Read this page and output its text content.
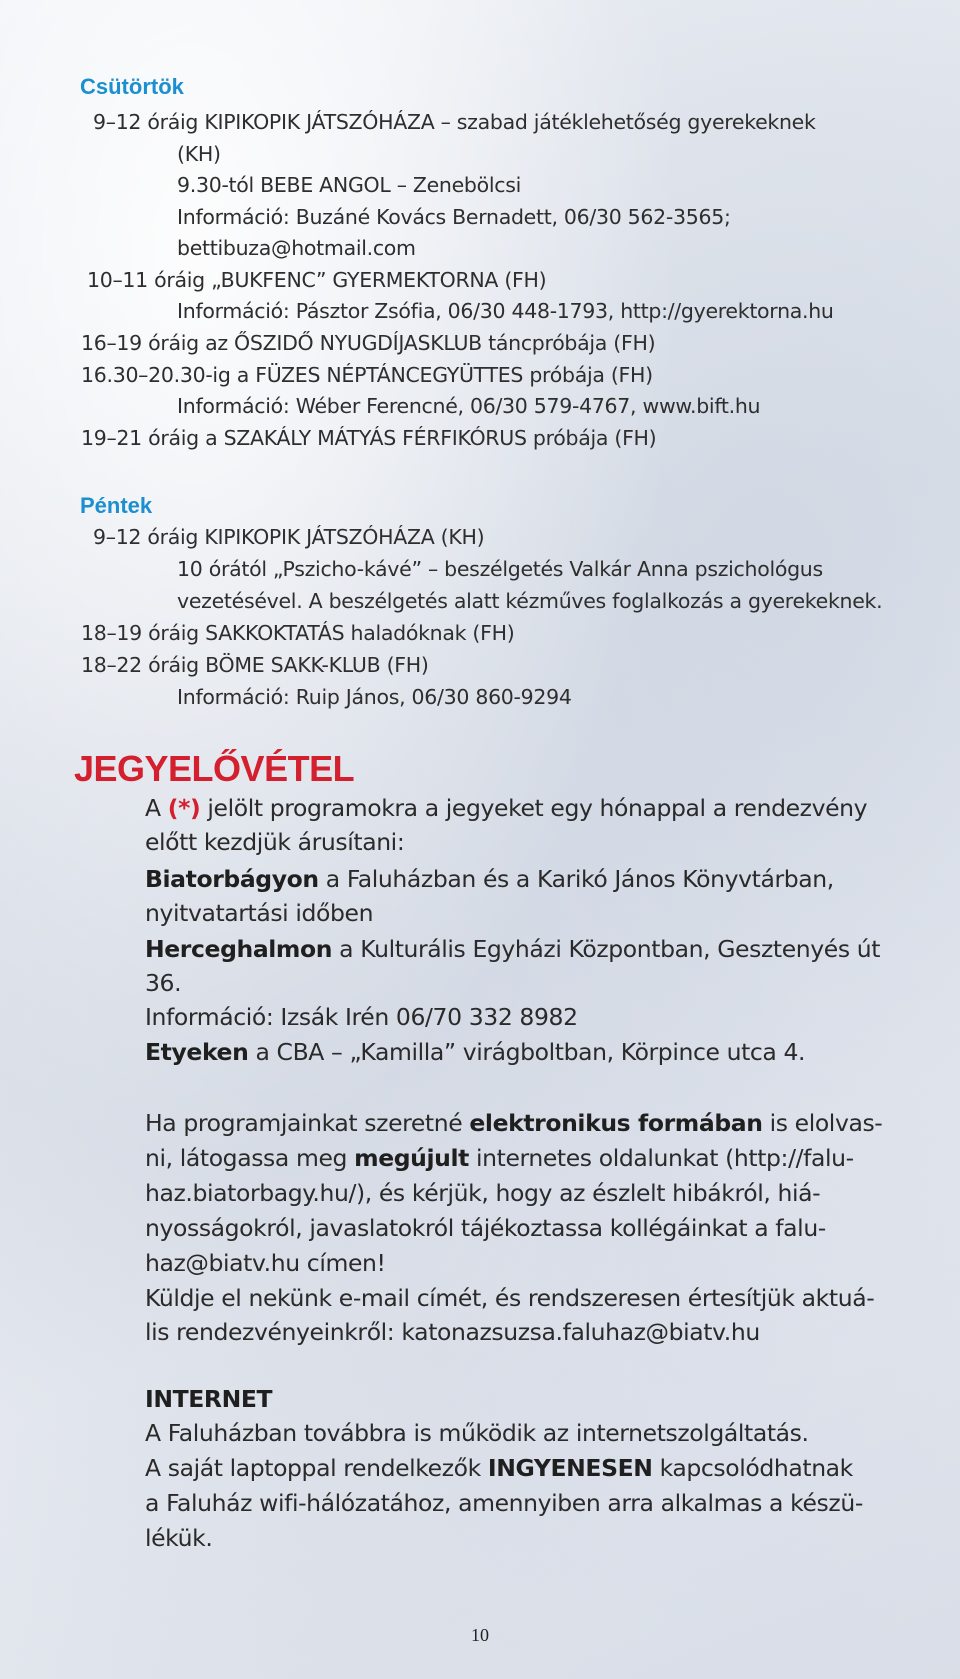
Csütörtök
9–12 óráig KIPIKOPIK JÁTSZÓHÁZA – szabad játéklehetőség gyerekeknek
(KH)
9.30-tól BEBE ANGOL – Zenebölcsi
Információ: Buzáné Kovács Bernadett, 06/30 562-3565;
bettibuza@hotmail.com
10–11 óráig „BUKFENC” GYERMEKTORNA (FH)
Információ: Pásztor Zsófia, 06/30 448-1793, http://gyerektorna.hu
16–19 óráig az ŐSZIDŐ NYUGDÍJASKLUB táncpróbája (FH)
16.30–20.30-ig a FÜZES NÉPTÁNCEGYÜTTES próbája (FH)
Információ: Wéber Ferencné, 06/30 579-4767, www.bift.hu
19–21 óráig a SZAKÁLY MÁTYÁS FÉRFIKÓRUS próbája (FH)
Péntek
9–12 óráig KIPIKOPIK JÁTSZÓHÁZA (KH)
10 órától „Pszicho-kávé” – beszélgetés Valkár Anna pszichológus
vezetésével. A beszélgetés alatt kézműves foglalkozás a gyerekeknek.
18–19 óráig SAKKOKTATÁS haladóknak (FH)
18–22 óráig BÖME SAKK-KLUB (FH)
Információ: Ruip János, 06/30 860-9294
JEGYELŐVÉTEL
A (*) jelölt programokra a jegyeket egy hónappal a rendezvény
előtt kezdjük árusítani:
Biatorbágyon a Faluházban és a Karikó János Könyvtárban,
nyitvatartási időben
Herceghalmon a Kulturális Egyházi Központban, Gesztenyés út
36.
Információ: Izsák Irén 06/70 332 8982
Etyeken a CBA – „Kamilla” virágboltban, Körpince utca 4.
Ha programjainkat szeretné elektronikus formában is elolvas-
ni, látogassa meg megújult internetes oldalunkat (http://falu-
haz.biatorbagy.hu/), és kérjük, hogy az észlelt hibákról, hiá-
nyosságokról, javaslatokról tájékoztassa kollégáinkat a falu-
haz@biatv.hu címen!
Küldje el nekünk e-mail címét, és rendszeresen értesítjük aktuá-
lis rendezvényeinkről: katonazsuzsa.faluhaz@biatv.hu
INTERNET
A Faluházban továbbra is működik az internetszolgáltatás.
A saját laptoppal rendelkezők INGYENESEN kapcsolódhatnak
a Faluház wifi-hálózatához, amennyiben arra alkalmas a készü-
lékük.
10
